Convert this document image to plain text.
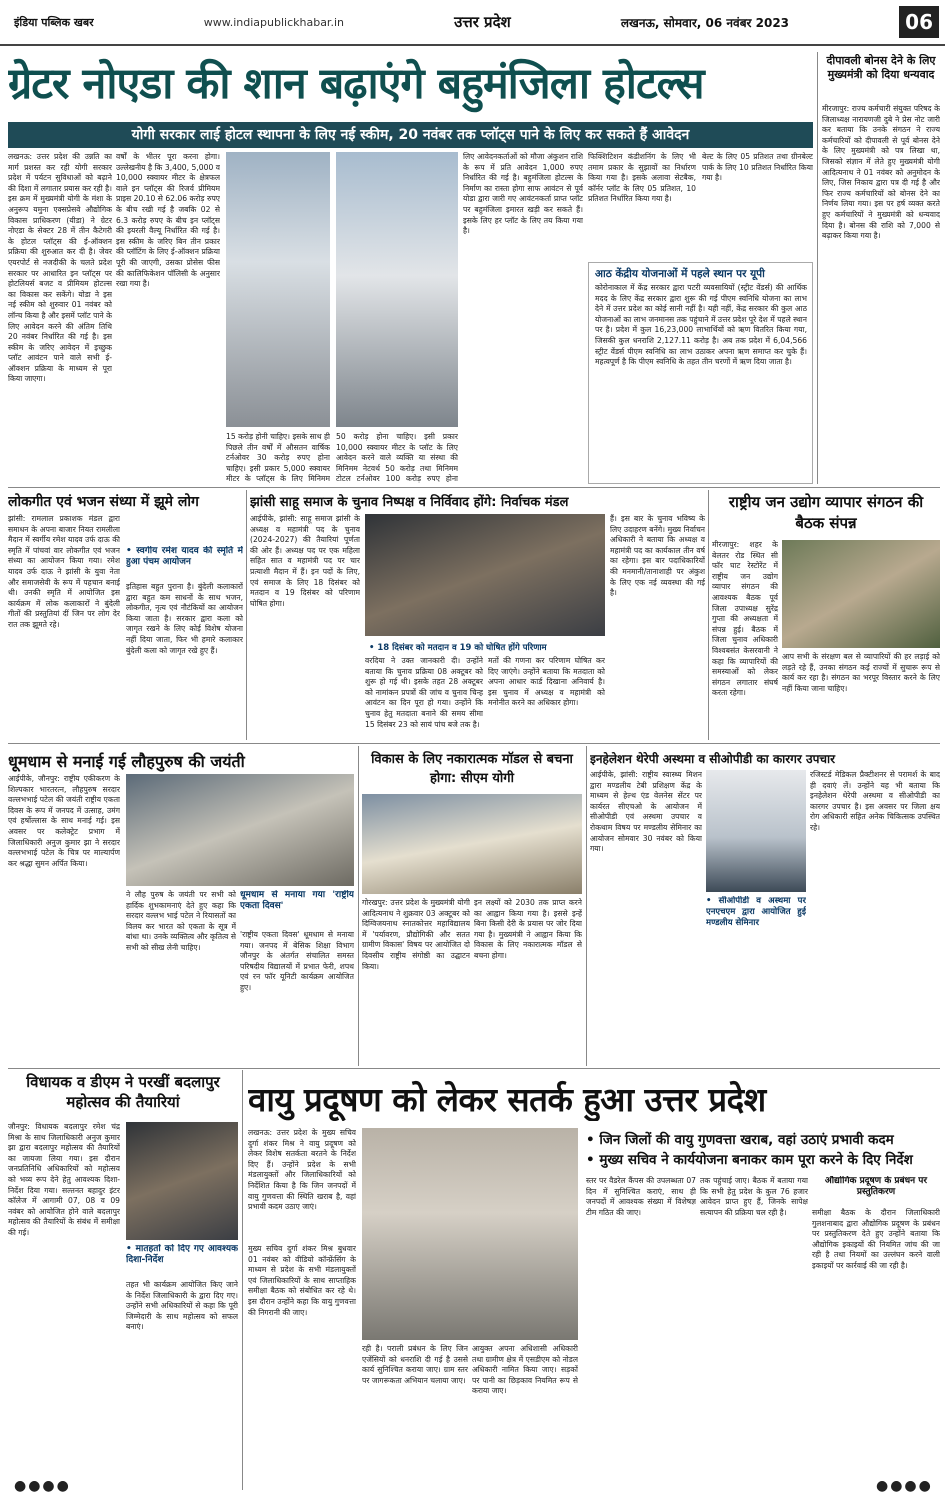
इंडिया पब्लिक खबर	www.indiapublickhabar.in	उत्तर प्रदेश	लखनऊ, सोमवार, 06 नवंबर 2023	06
ग्रेटर नोएडा की शान बढ़ाएंगे बहुमंजिला होटल्स
योगी सरकार लाई होटल स्थापना के लिए नई स्कीम, 20 नवंबर तक प्लॉट्स पाने के लिए कर सकते हैं आवेदन
लखनऊ: उत्तर प्रदेश की उन्नति का मार्ग प्रशस्त कर रही योगी सरकार प्रदेश में पर्यटन सुविधाओं को बढ़ाने की दिशा में लगातार प्रयास कर रही है। इस क्रम में मुख्यमंत्री योगी के मंशा के अनुरूप यमुना एक्सप्रेसवे औद्योगिक विकास प्राधिकरण (यीडा) ने ग्रेटर नोएडा के सेक्टर 28 में तीन कैटेगरी के होटल प्लॉट्स की ई-ऑक्शन प्रक्रिया की शुरुआत कर दी है। जेवर एयरपोर्ट से नजदीकी के चलते प्रदेश सरकार पर आधारित इन प्लॉट्स पर होटलियर्स बजट व प्रीमियम होटल्स का विकास कर सकेंगे। योडा ने इस नई स्कीम को शुरुवार 01 नवंबर को लॉन्च किया है और इसमें प्लॉट पाने के लिए आवेदन करने की अंतिम तिथि 20 नवंबर निर्धारित की गई है। इस स्कीम के जरिए आवेदन में इच्छुक प्लॉट आवंटन पाने वाले सभी ई-ऑक्शन प्रक्रिया के माध्यम से पूरा किया जाएगा।
वर्षों के भीतर पूरा करना होगा। उल्लेखनीय है कि 3,400, 5,000 व 10,000 स्क्वायर मीटर के क्षेत्रफल वाले इन प्लॉट्स की रिजर्व प्रीमियम प्राइस 20.10 से 62.06 करोड़ रुपए के बीच रखी गई है जबकि 02 से 6.3 करोड़ रुपए के बीच इन प्लॉट्स की इयरली वैल्यू निर्धारित की गई है। इस स्कीम के जरिए बिन तीन प्रकार की प्लॉटिंग के लिए ई-ऑक्शन प्रक्रिया पूरी की जाएगी, उसका प्रोसेस फीस की कालिफिकेशन पॉलिसी के अनुसार रखा गया है।
15 करोड़ होनी चाहिए। इसके साथ ही पिछले तीन वर्षों में औसतन वार्षिक टर्नओवर 30 करोड़ रुपए होना चाहिए। इसी प्रकार 5,000 स्क्वायर मीटर के प्लॉट्स के लिए मिनिमम
50 करोड़ होना चाहिए। इसी प्रकार 10,000 स्क्वायर मीटर के प्लॉट के लिए आवेदन करने वाले व्यक्ति या संस्था की मिनिमम नेटवर्थ 50 करोड़ तथा मिनिमम टोटल टर्नओवर 100 करोड़ रुपए होना
लिए आवेदनकर्ताओं को मौजा अंकुशन राशि के रूप में प्रति आवेदन 1,000 रुपए निर्धारित की गई है। बहुमंजिला होटल्स के निर्माण का रास्ता होगा साफ आवंटन से पूर्व योडा द्वारा जारी गए आवंटनकर्ता प्राप्त प्लॉट पर बहुमंजिला इमारत खड़ी कर सकते हैं। इसके लिए हर प्लॉट के लिए तय किया गया है।
फिक्शिटिशन कंडीशनिंग के लिए भी तमाम प्रकार के सुझावों का निर्धारण किया गया है। इसके अलावा सेटबैक, कॉर्नर प्लॉट के लिए 05 प्रतिशत, 10 प्रतिशत निर्धारित किया गया है।
बेल्ट के लिए 05 प्रतिशत तथा ग्रीनबेल्ट पार्क के लिए 10 प्रतिशत निर्धारित किया गया है।
आठ केंद्रीय योजनाओं में पहले स्थान पर यूपी
कोरोनाकाल में केंद्र सरकार द्वारा पटरी व्यवसायियों (स्ट्रीट वेंडर्स) की आर्थिक मदद के लिए केंद्र सरकार द्वारा शुरू की गई पीएम स्वनिधि योजना का लाभ देने में उत्तर प्रदेश का कोई सानी नहीं है। यही नहीं, केंद्र सरकार की कुल आठ योजनाओं का लाभ जनमानस तक पहुंचाने में उत्तर प्रदेश पूरे देश में पहले स्थान पर है। प्रदेश में कुल 16,23,000 लाभार्थियों को ऋण वितरित किया गया, जिसकी कुल धनराशि 2,127.11 करोड़ है। अब तक प्रदेश में 6,04,566 स्ट्रीट वेंडर्स पीएम स्वनिधि का लाभ उठाकर अपना ऋण समाप्त कर चुके हैं। महत्वपूर्ण है कि पीएम स्वनिधि के तहत तीन चरणों में ऋण दिया जाता है।
दीपावली बोनस देने के लिए मुख्यमंत्री को दिया धन्यवाद
मीरजापुर: राज्य कर्मचारी संयुक्त परिषद के जिलाध्यक्ष नारायणजी दुबे ने प्रेस नोट जारी कर बताया कि उनके संगठन ने राज्य कर्मचारियों को दीपावली से पूर्व बोनस देने के लिए मुख्यमंत्री को पत्र लिखा था, जिसको संज्ञान में लेते हुए मुख्यमंत्री योगी आदित्यनाथ ने 01 नवंबर को अनुमोदन के लिए, जिस निकाय द्वारा पत्र दी गई है और फिर राज्य कर्मचारियों को बोनस देने का निर्णय लिया गया। इस पर हर्ष व्यक्त करते हुए कर्मचारियों ने मुख्यमंत्री को धन्यवाद दिया है। बोनस की राशि को 7,000 से बढ़ाकर किया गया है।
लोकगीत एवं भजन संध्या में झूमे लोग
झांसी: रामलाल प्रकाशक मंडल द्वारा समाधन के अपना बाजार नियत रामलीला मैदान में स्वर्गीय रमेश यादव उर्फ दाऊ की स्मृति में पांचवां वार लोकगीत एवं भजन संध्या का आयोजन किया गया। रमेश यादव उर्फ दाऊ ने झांसी के युवा नेता और समाजसेवी के रूप में पहचान बनाई थी। उनकी स्मृति में आयोजित इस कार्यक्रम में लोक कलाकारों ने बुंदेली गीतों की प्रस्तुतियां दीं जिन पर लोग देर रात तक झूमते रहे।
• स्वर्गीय रमेश यादव की स्मृति में हुआ पंचम आयोजन
इतिहास बहुत पुराना है। बुंदेली कलाकारों द्वारा बहुत कम साधनों के साथ भजन, लोकगीत, नृत्य एवं नौटंकियों का आयोजन किया जाता है। सरकार द्वारा कला को जागृत रखने के लिए कोई विशेष योजना नहीं दिया जाता, फिर भी हमारे कलाकार बुंदेली कला को जागृत रखे हुए हैं।
झांसी साहू समाज के चुनाव निष्पक्ष व निर्विवाद होंगे: निर्वाचक मंडल
आईपीके, झांसी: साहू समाज झांसी के अध्यक्ष व महामंत्री पद के चुनाव (2024-2027) की तैयारियां पूर्णता की ओर हैं। अध्यक्ष पद पर एक महिला सहित सात व महामंत्री पद पर चार प्रत्याशी मैदान में हैं। इन पदों के लिए, एवं समाज के लिए 18 दिसंबर को मतदान व 19 दिसंबर को परिणाम घोषित होगा।
• 18 दिसंबर को मतदान व 19 को घोषित होंगे परिणाम
वरदिया ने उक्त जानकारी दी। उन्होंने बताया कि चुनाव प्रक्रिया 08 अक्टूबर को शुरू हो गई थी। इसके तहत 28 अक्टूबर को नामांकन प्रपत्रों की जांच व चुनाव चिन्ह आवंटन का दिन पूरा हो गया। उन्होंने कि चुनाव हेतु मतदाता बनाने की समय सीमा 15 दिसंबर 23 को सायं पांच बजे तक है।
मतों की गणना कर परिणाम घोषित कर दिए जाएंगे। उन्होंने बताया कि मतदाता को अपना आधार कार्ड दिखाना अनिवार्य है। इस चुनाव में अध्यक्ष व महामंत्री को मनोनीत करने का अधिकार होगा।
हैं। इस बार के चुनाव भविष्य के लिए उदाहरण बनेंगे। मुख्य निर्वाचन अधिकारी ने बताया कि अध्यक्ष व महामंत्री पद का कार्यकाल तीन वर्ष का रहेगा। इस बार पदाधिकारियों की मनमानी/तानाशाही पर अंकुश के लिए एक नई व्यवस्था की गई है।
राष्ट्रीय जन उद्योग व्यापार संगठन की बैठक संपन्न
मीरजापुर: शहर के बेलतर रोड स्थित सी फॉर घाट रेस्टोरेंट में राष्ट्रीय जन उद्योग व्यापार संगठन की आवश्यक बैठक पूर्व जिला उपाध्यक्ष सुरेंद्र गुप्ता की अध्यक्षता में संपन्न हुई। बैठक में जिला चुनाव अधिकारी विश्वबसंत केसरवानी ने कहा कि व्यापारियों की समस्याओं को लेकर संगठन लगातार संघर्ष करता रहेगा।
आप सभी के संरक्षण बल से व्यापारियों की हर लड़ाई को लड़ते रहे हैं, उनका संगठन कई राज्यों में सुचारू रूप से कार्य कर रहा है। संगठन का भरपूर विस्तार करने के लिए नहीं किया जाना चाहिए।
धूमधाम से मनाई गई लौहपुरुष की जयंती
आईपीके, जौनपुर: राष्ट्रीय एकीकरण के शिल्पकार भारतरत्न, लौहपुरुष सरदार वल्लभभाई पटेल की जयंती राष्ट्रीय एकता दिवस के रूप में जनपद में उत्साह, उमंग एवं हर्षोल्लास के साथ मनाई गई। इस अवसर पर कलेक्ट्रेट प्रभाग में जिलाधिकारी अनुज कुमार झा ने सरदार वल्लभभाई पटेल के चित्र पर माल्यार्पण कर श्रद्धा सुमन अर्पित किया।
ने लौह पुरुष के जयंती पर सभी को हार्दिक शुभकामनाएं देते हुए कहा कि सरदार वल्लभ भाई पटेल ने रियासतों का विलय कर भारत को एकता के सूत्र में बांधा था। उनके व्यक्तित्व और कृतित्व से सभी को सीख लेनी चाहिए।
धूमधाम से मनाया गया 'राष्ट्रीय एकता दिवस'
'राष्ट्रीय एकता दिवस' धूमधाम से मनाया गया। जनपद में बेसिक शिक्षा विभाग जौनपुर के अंतर्गत संचालित समस्त परिषदीय विद्यालयों में प्रभात फेरी, शपथ एवं रन फॉर यूनिटी कार्यक्रम आयोजित हुए।
विकास के लिए नकारात्मक मॉडल से बचना होगा: सीएम योगी
गोरखपुर: उत्तर प्रदेश के मुख्यमंत्री योगी आदित्यनाथ ने शुक्रवार 03 अक्टूबर को दिग्विजयनाथ स्नातकोत्तर महाविद्यालय में 'पर्यावरण, प्रौद्योगिकी और सतत ग्रामीण विकास' विषय पर आयोजित दो दिवसीय राष्ट्रीय संगोष्ठी का उद्घाटन किया।
इन लक्ष्यों को 2030 तक प्राप्त करने का आह्वान किया गया है। इससे इन्हें बिना किसी देरी के प्रयास पर जोर दिया गया है। मुख्यमंत्री ने आह्वान किया कि विकास के लिए नकारात्मक मॉडल से बचना होगा।
इनहेलेशन थेरेपी अस्थमा व सीओपीडी का कारगर उपचार
आईपीके, झांसी: राष्ट्रीय स्वास्थ्य मिशन द्वारा मण्डलीय टेबी प्रशिक्षण केंद्र के माध्यम से हेल्थ एंड वेलनेस सेंटर पर कार्यरत सीएचओ के आयोजन में सीओपीडी एवं अस्थमा उपचार व रोकथाम विषय पर मण्डलीय सेमिनार का आयोजन सोमवार 30 नवंबर को किया गया।
• सीओपीडी व अस्थमा पर एनएचएम द्वारा आयोजित हुई मण्डलीय सेमिनार
रजिस्टर्ड मेडिकल प्रैक्टीशनर से परामर्श के बाद ही दवाएं लें। उन्होंने यह भी बताया कि इनहेलेशन थेरेपी अस्थमा व सीओपीडी का कारगर उपचार है। इस अवसर पर जिला क्षय रोग अधिकारी सहित अनेक चिकित्सक उपस्थित रहे।
विधायक व डीएम ने परखीं बदलापुर महोत्सव की तैयारियां
जौनपुर: विधायक बदलापुर रमेश चंद्र मिश्रा के साथ जिलाधिकारी अनुज कुमार झा द्वारा बदलापुर महोत्सव की तैयारियों का जायजा लिया गया। इस दौरान जनप्रतिनिधि अधिकारियों को महोत्सव को भव्य रूप देने हेतु आवश्यक दिशा-निर्देश दिया गया। सल्तनत बहादुर इंटर कॉलेज में आगामी 07, 08 व 09 नवंबर को आयोजित होने वाले बदलापुर महोत्सव की तैयारियों के संबंध में समीक्षा की गई।
• मातहतों को दिए गए आवश्यक दिशा-निर्देश
तहत भी कार्यक्रम आयोजित किए जाने के निर्देश जिलाधिकारी के द्वारा दिए गए। उन्होंने सभी अधिकारियों से कहा कि पूरी जिम्मेदारी के साथ महोत्सव को सफल बनाएं।
●●●●
वायु प्रदूषण को लेकर सतर्क हुआ उत्तर प्रदेश
लखनऊ: उत्तर प्रदेश के मुख्य सचिव दुर्गा शंकर मिश्र ने वायु प्रदूषण को लेकर विशेष सतर्कता बरतने के निर्देश दिए हैं। उन्होंने प्रदेश के सभी मंडलायुक्तों और जिलाधिकारियों को निर्देशित किया है कि जिन जनपदों में वायु गुणवत्ता की स्थिति खराब है, वहां प्रभावी कदम उठाए जाएं।
• जिन जिलों की वायु गुणवत्ता खराब, वहां उठाएं प्रभावी कदम
• मुख्य सचिव ने कार्ययोजना बनाकर काम पूरा करने के दिए निर्देश
मुख्य सचिव दुर्गा शंकर मिश्र बुधवार 01 नवंबर को वीडियो कॉन्फ्रेंसिंग के माध्यम से प्रदेश के सभी मंडलायुक्तों एवं जिलाधिकारियों के साथ साप्ताहिक समीक्षा बैठक को संबोधित कर रहे थे। इस दौरान उन्होंने कहा कि वायु गुणवत्ता की निगरानी की जाए।
रही है। पराली प्रबंधन के लिए जिन एजेंसियों को धनराशि दी गई है उससे कार्य सुनिश्चित कराया जाए। ग्राम स्तर पर जागरूकता अभियान चलाया जाए।
आयुक्त अपना अधिशासी अधिकारी तथा ग्रामीण क्षेत्र में एसडीएम को नोडल अधिकारी नामित किया जाए। सड़कों पर पानी का छिड़काव नियमित रूप से कराया जाए।
स्तर पर वैडरेल कैंपस की उपलब्धता 07 दिन में सुनिश्चित कराएं, साथ ही जनपदों में आवश्यक संख्या में विशेषज्ञ टीम गठित की जाए।
तक पहुंचाई जाए। बैठक में बताया गया कि सभी हेतु प्रदेश के कुल 76 हजार आवेदन प्राप्त हुए हैं, जिनके सापेक्ष सत्यापन की प्रक्रिया चल रही है।
औद्योगिक प्रदूषण के प्रबंधन पर प्रस्तुतिकरण
समीक्षा बैठक के दौरान जिलाधिकारी गुलशनाबाद द्वारा औद्योगिक प्रदूषण के प्रबंधन पर प्रस्तुतिकरण देते हुए उन्होंने बताया कि औद्योगिक इकाइयों की नियमित जांच की जा रही है तथा नियमों का उल्लंघन करने वाली इकाइयों पर कार्रवाई की जा रही है।
●●●●
